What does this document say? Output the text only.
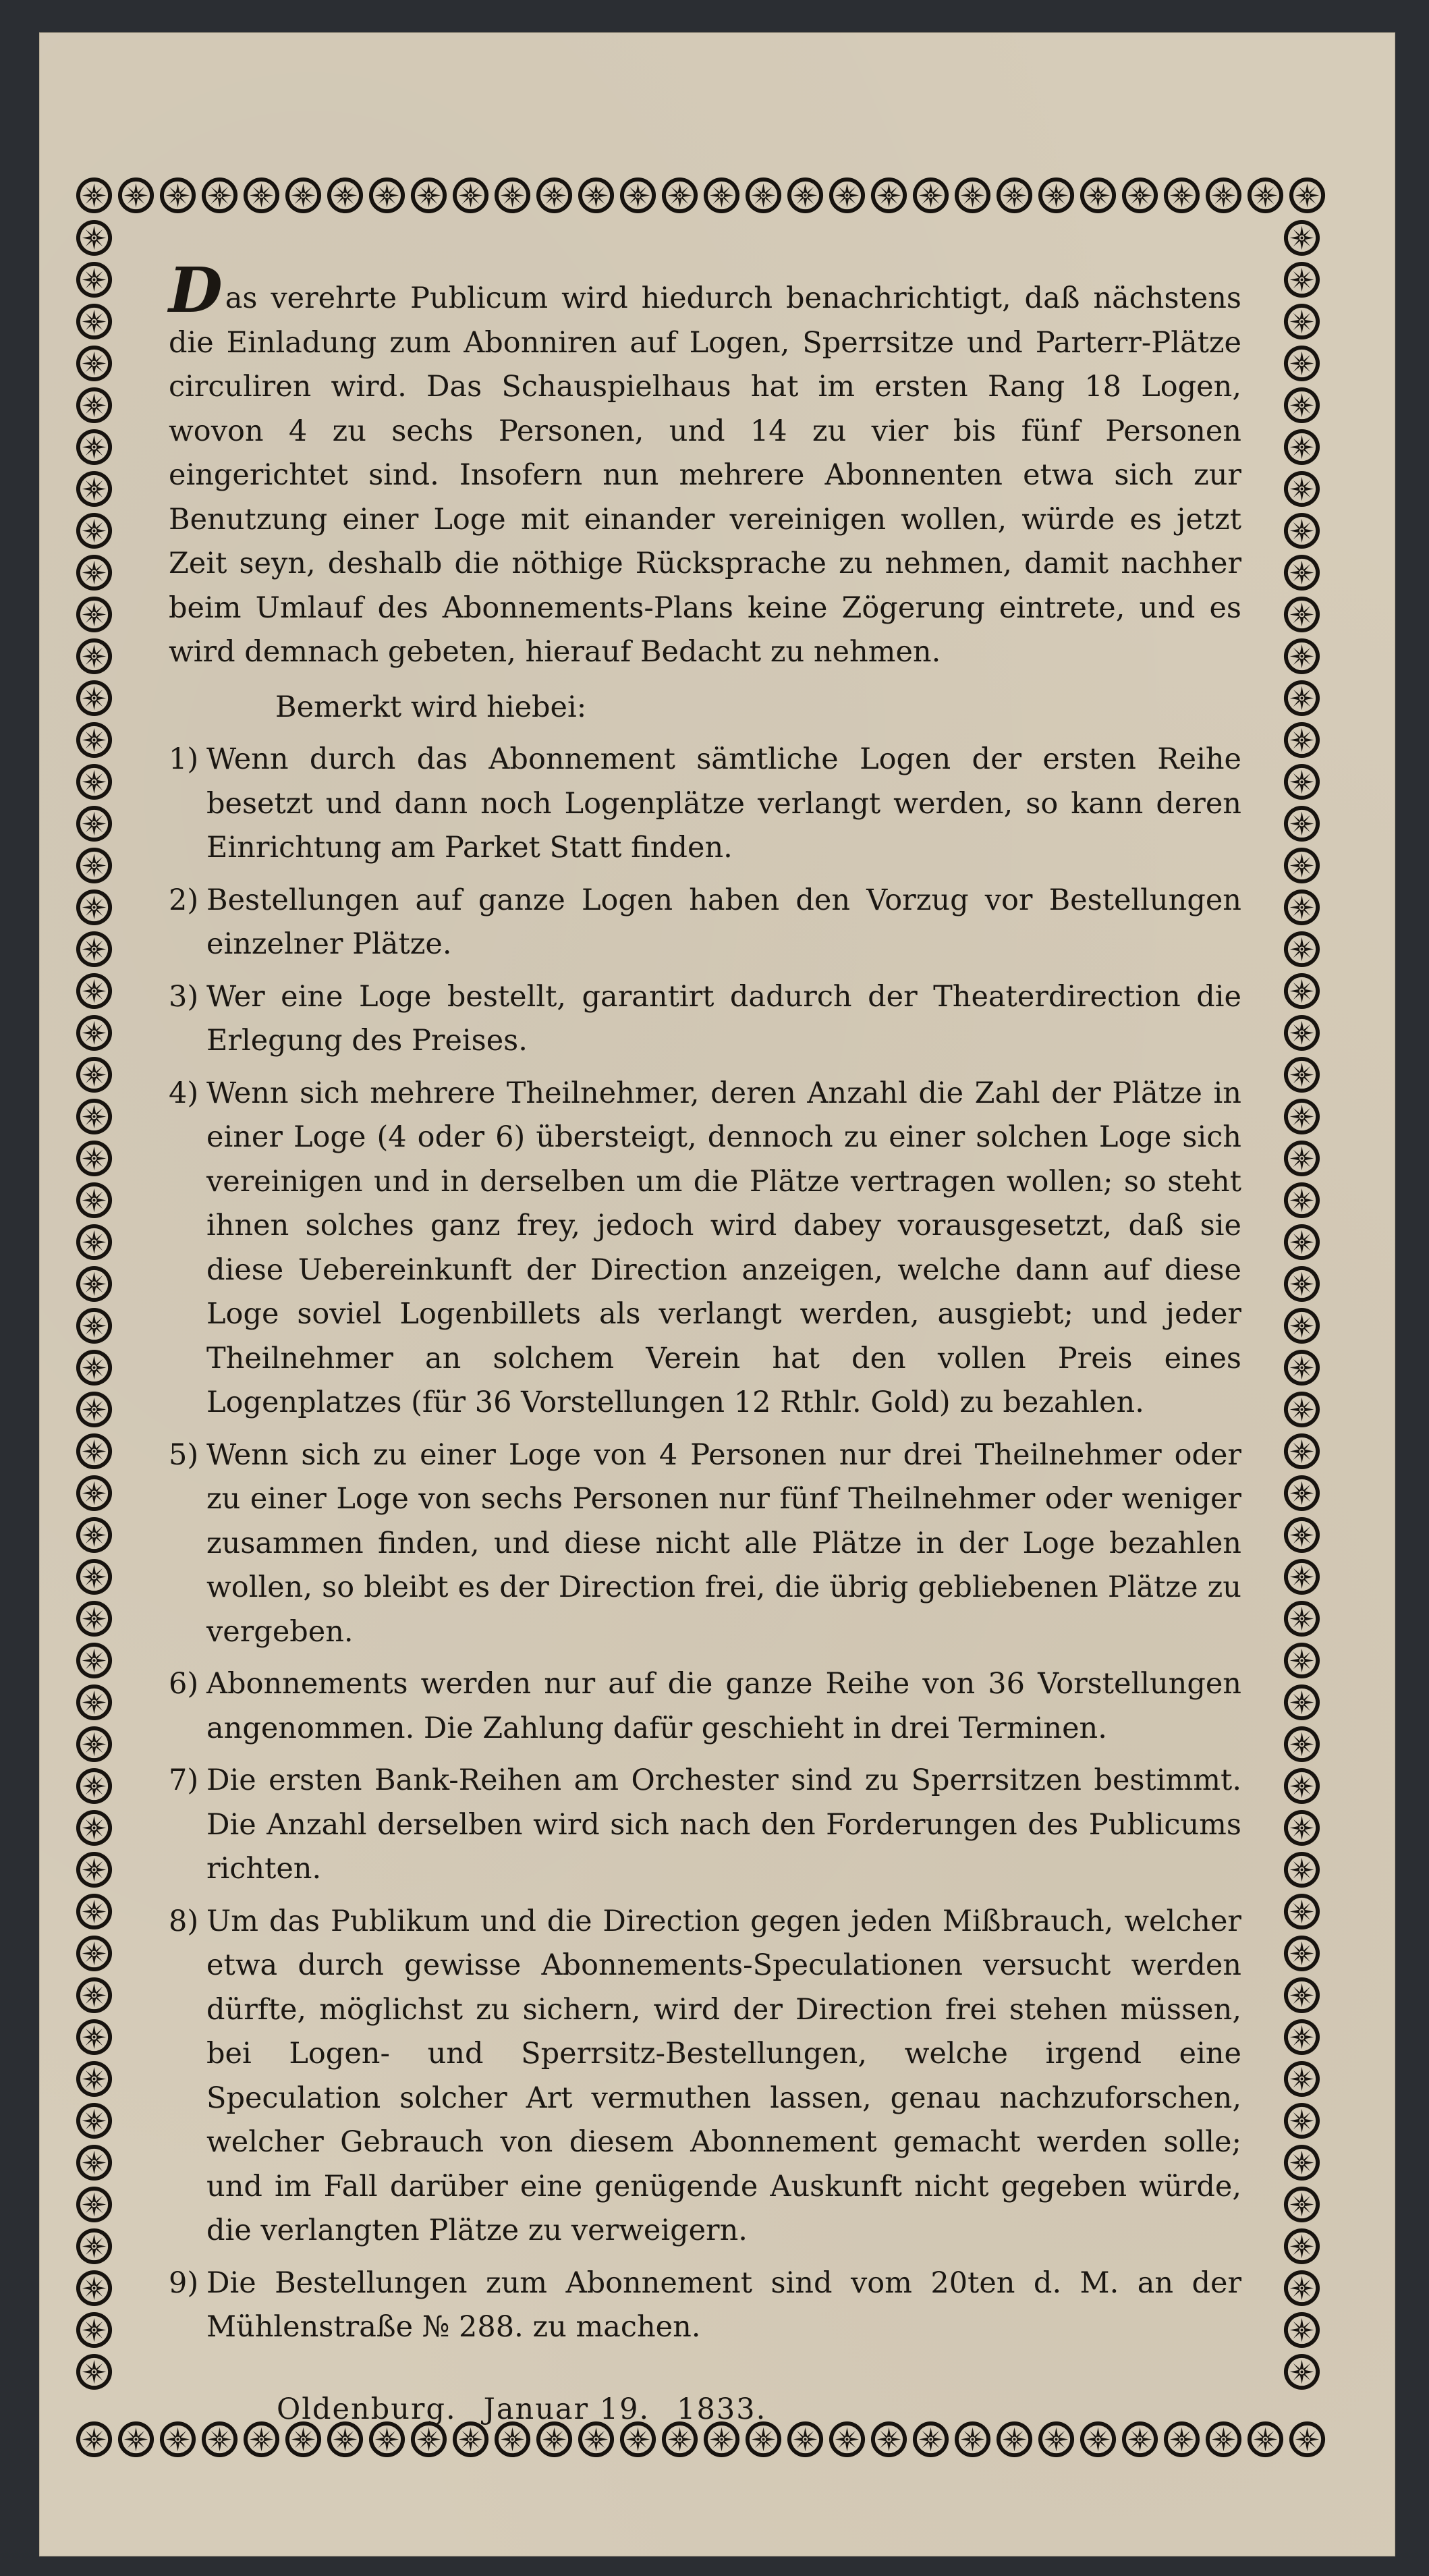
Das verehrte Publicum wird hiedurch benachrichtigt, daß nächstens die Einladung zum Abonniren auf Logen, Sperrsitze und Parterr-Plätze circuliren wird. Das Schauspielhaus hat im ersten Rang 18 Logen, wovon 4 zu sechs Personen, und 14 zu vier bis fünf Personen eingerichtet sind. Insofern nun mehrere Abonnenten etwa sich zur Benutzung einer Loge mit einander vereinigen wollen, würde es jetzt Zeit seyn, deshalb die nöthige Rücksprache zu nehmen, damit nachher beim Umlauf des Abonnements-Plans keine Zögerung eintrete, und es wird demnach gebeten, hierauf Bedacht zu nehmen.

Bemerkt wird hiebei:

1) Wenn durch das Abonnement sämtliche Logen der ersten Reihe besetzt und dann noch Logenplätze verlangt werden, so kann deren Einrichtung am Parket Statt finden.

2) Bestellungen auf ganze Logen haben den Vorzug vor Bestellungen einzelner Plätze.

3) Wer eine Loge bestellt, garantirt dadurch der Theaterdirection die Erlegung des Preises.

4) Wenn sich mehrere Theilnehmer, deren Anzahl die Zahl der Plätze in einer Loge (4 oder 6) übersteigt, dennoch zu einer solchen Loge sich vereinigen und in derselben um die Plätze vertragen wollen; so steht ihnen solches ganz frey, jedoch wird dabey vorausgesetzt, daß sie diese Uebereinkunft der Direction anzeigen, welche dann auf diese Loge soviel Logenbillets als verlangt werden, ausgiebt; und jeder Theilnehmer an solchem Verein hat den vollen Preis eines Logenplatzes (für 36 Vorstellungen 12 Rthlr. Gold) zu bezahlen.

5) Wenn sich zu einer Loge von 4 Personen nur drei Theilnehmer oder zu einer Loge von sechs Personen nur fünf Theilnehmer oder weniger zusammen finden, und diese nicht alle Plätze in der Loge bezahlen wollen, so bleibt es der Direction frei, die übrig gebliebenen Plätze zu vergeben.

6) Abonnements werden nur auf die ganze Reihe von 36 Vorstellungen angenommen. Die Zahlung dafür geschieht in drei Terminen.

7) Die ersten Bank-Reihen am Orchester sind zu Sperrsitzen bestimmt. Die Anzahl derselben wird sich nach den Forderungen des Publicums richten.

8) Um das Publikum und die Direction gegen jeden Mißbrauch, welcher etwa durch gewisse Abonnements-Speculationen versucht werden dürfte, möglichst zu sichern, wird der Direction frei stehen müssen, bei Logen- und Sperrsitz-Bestellungen, welche irgend eine Speculation solcher Art vermuthen lassen, genau nachzuforschen, welcher Gebrauch von diesem Abonnement gemacht werden solle; und im Fall darüber eine genügende Auskunft nicht gegeben würde, die verlangten Plätze zu verweigern.

9) Die Bestellungen zum Abonnement sind vom 20ten d. M. an der Mühlenstraße № 288. zu machen.

Oldenburg. Januar 19. 1833.
